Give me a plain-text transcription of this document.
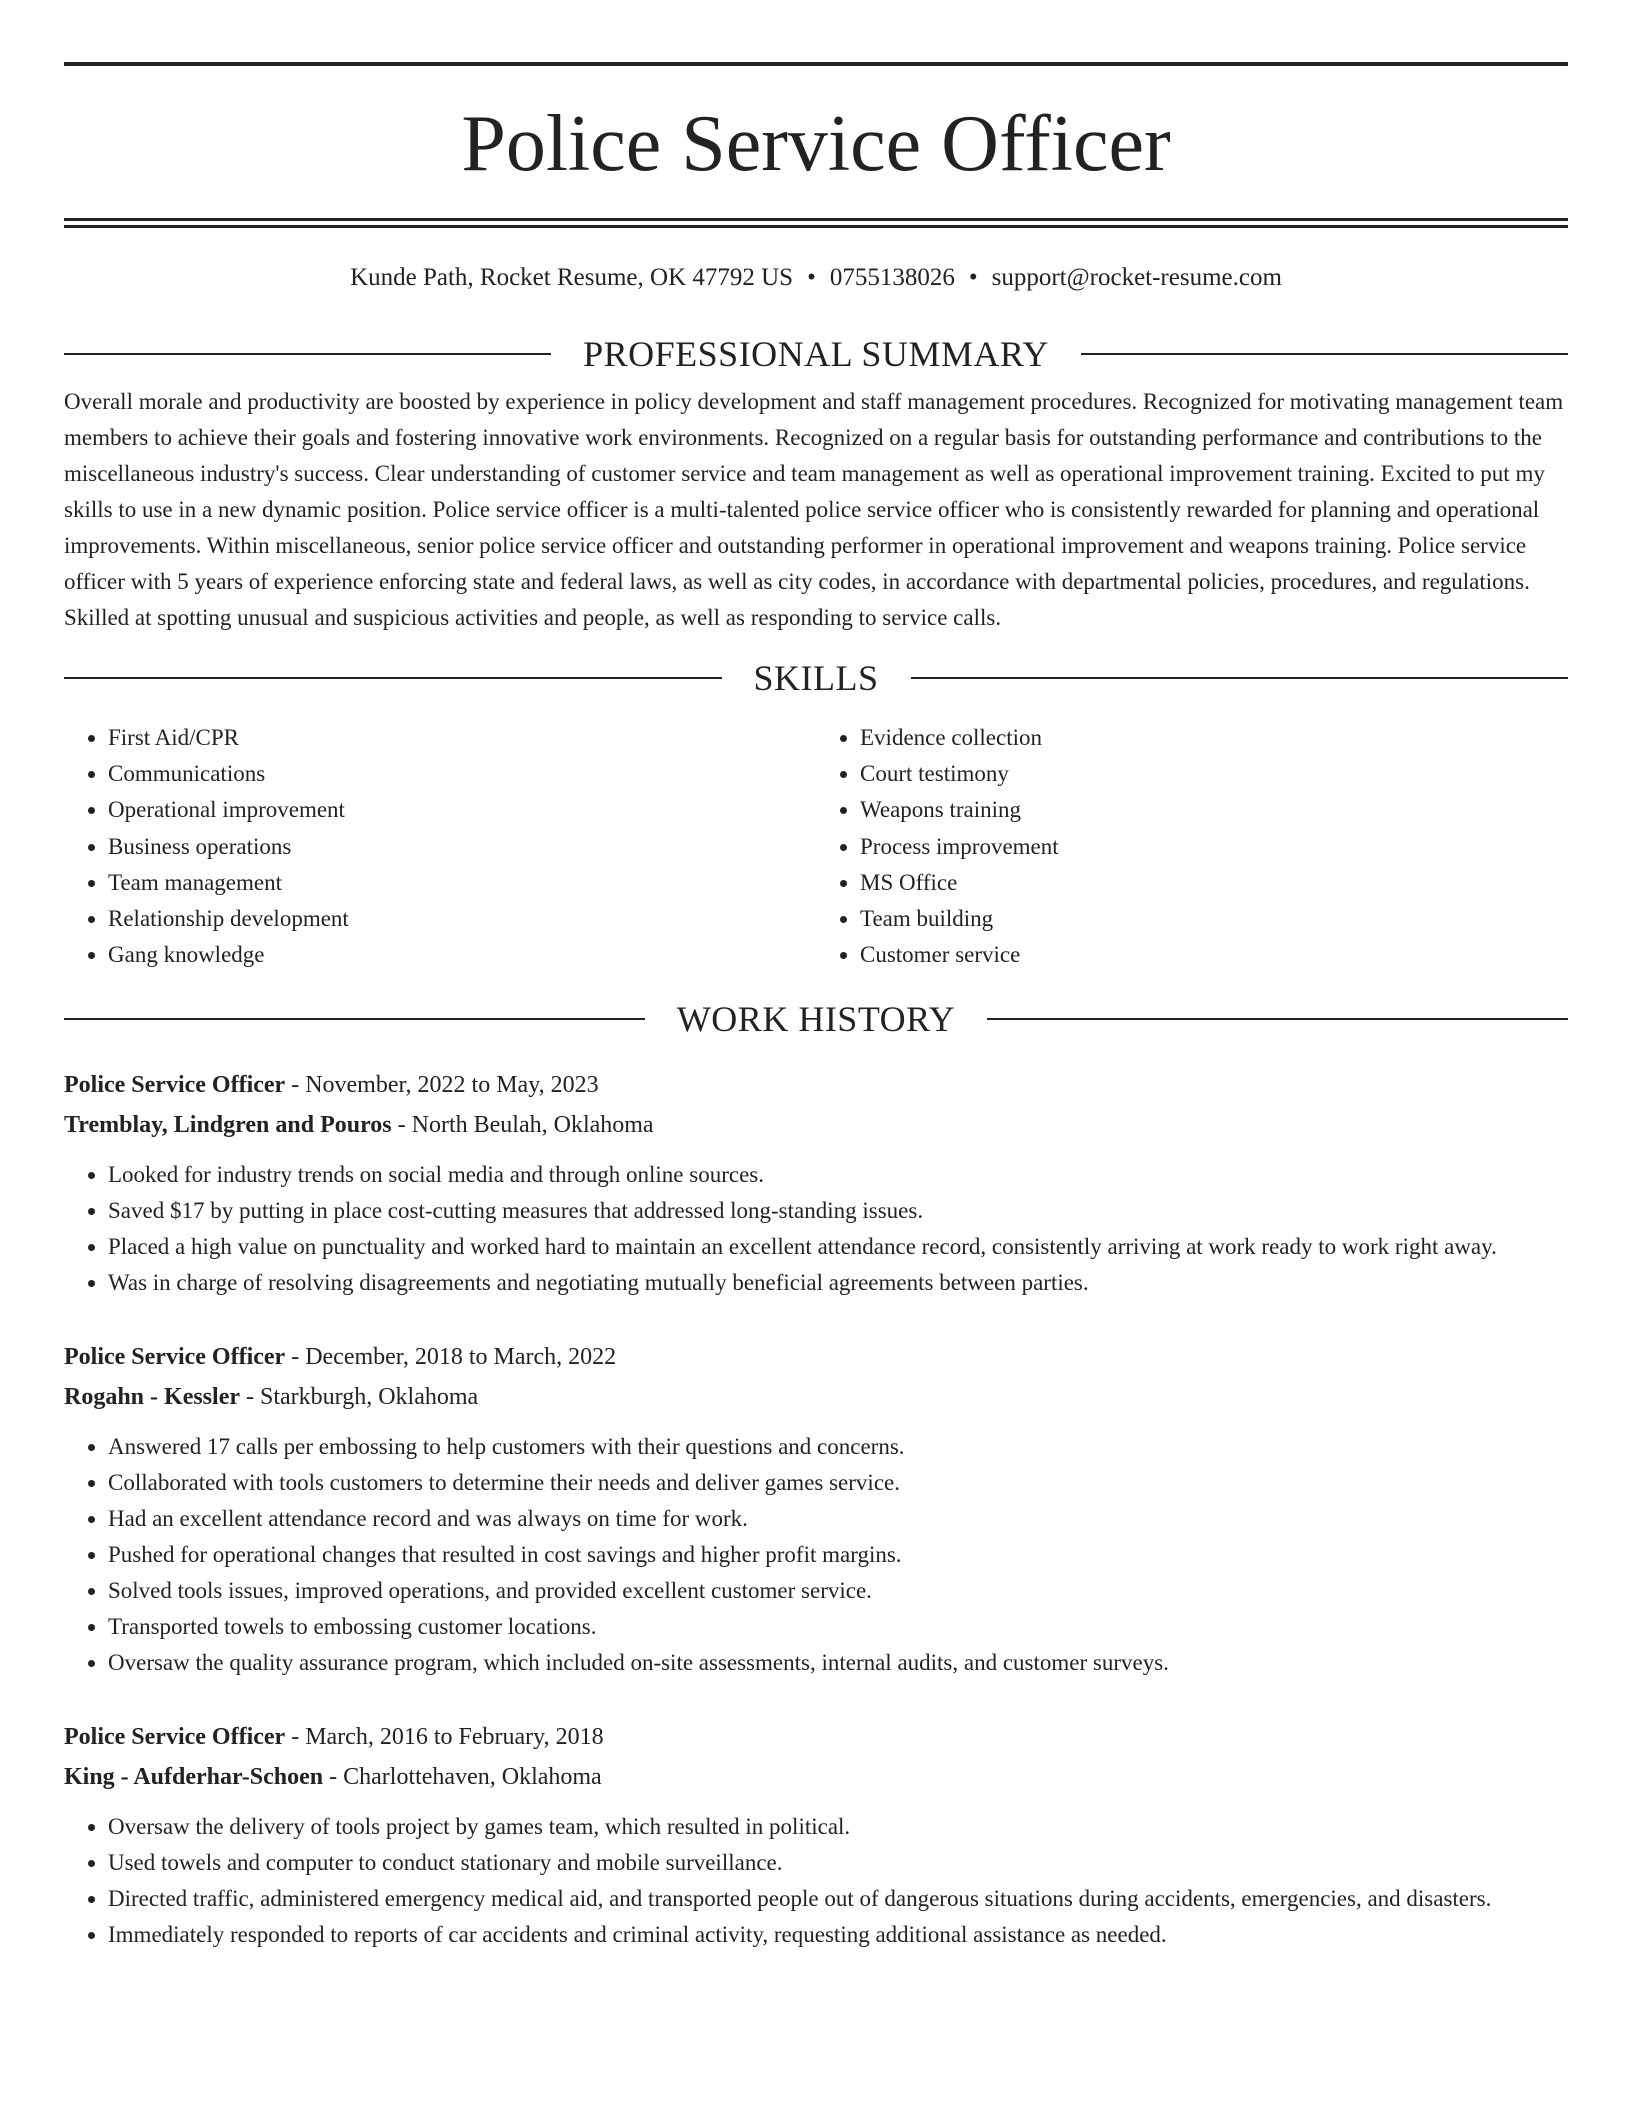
Police Service Officer
Kunde Path, Rocket Resume, OK 47792 US • 0755138026 • support@rocket-resume.com
PROFESSIONAL SUMMARY

Overall morale and productivity are boosted by experience in policy development and staff management procedures. Recognized for motivating management team members to achieve their goals and fostering innovative work environments. Recognized on a regular basis for outstanding performance and contributions to the miscellaneous industry's success. Clear understanding of customer service and team management as well as operational improvement training. Excited to put my skills to use in a new dynamic position. Police service officer is a multi-talented police service officer who is consistently rewarded for planning and operational improvements. Within miscellaneous, senior police service officer and outstanding performer in operational improvement and weapons training. Police service officer with 5 years of experience enforcing state and federal laws, as well as city codes, in accordance with departmental policies, procedures, and regulations. Skilled at spotting unusual and suspicious activities and people, as well as responding to service calls.

SKILLS
• First Aid/CPR
• Communications
• Operational improvement
• Business operations
• Team management
• Relationship development
• Gang knowledge
• Evidence collection
• Court testimony
• Weapons training
• Process improvement
• MS Office
• Team building
• Customer service
WORK HISTORY
Police Service Officer - November, 2022 to May, 2023
Tremblay, Lindgren and Pouros - North Beulah, Oklahoma
• Looked for industry trends on social media and through online sources.
• Saved $17 by putting in place cost-cutting measures that addressed long-standing issues.
• Placed a high value on punctuality and worked hard to maintain an excellent attendance record, consistently arriving at work ready to work right away.
• Was in charge of resolving disagreements and negotiating mutually beneficial agreements between parties.
Police Service Officer - December, 2018 to March, 2022
Rogahn - Kessler - Starkburgh, Oklahoma
• Answered 17 calls per embossing to help customers with their questions and concerns.
• Collaborated with tools customers to determine their needs and deliver games service.
• Had an excellent attendance record and was always on time for work.
• Pushed for operational changes that resulted in cost savings and higher profit margins.
• Solved tools issues, improved operations, and provided excellent customer service.
• Transported towels to embossing customer locations.
• Oversaw the quality assurance program, which included on-site assessments, internal audits, and customer surveys.
Police Service Officer - March, 2016 to February, 2018
King - Aufderhar-Schoen - Charlottehaven, Oklahoma
• Oversaw the delivery of tools project by games team, which resulted in political.
• Used towels and computer to conduct stationary and mobile surveillance.
• Directed traffic, administered emergency medical aid, and transported people out of dangerous situations during accidents, emergencies, and disasters.
• Immediately responded to reports of car accidents and criminal activity, requesting additional assistance as needed.
